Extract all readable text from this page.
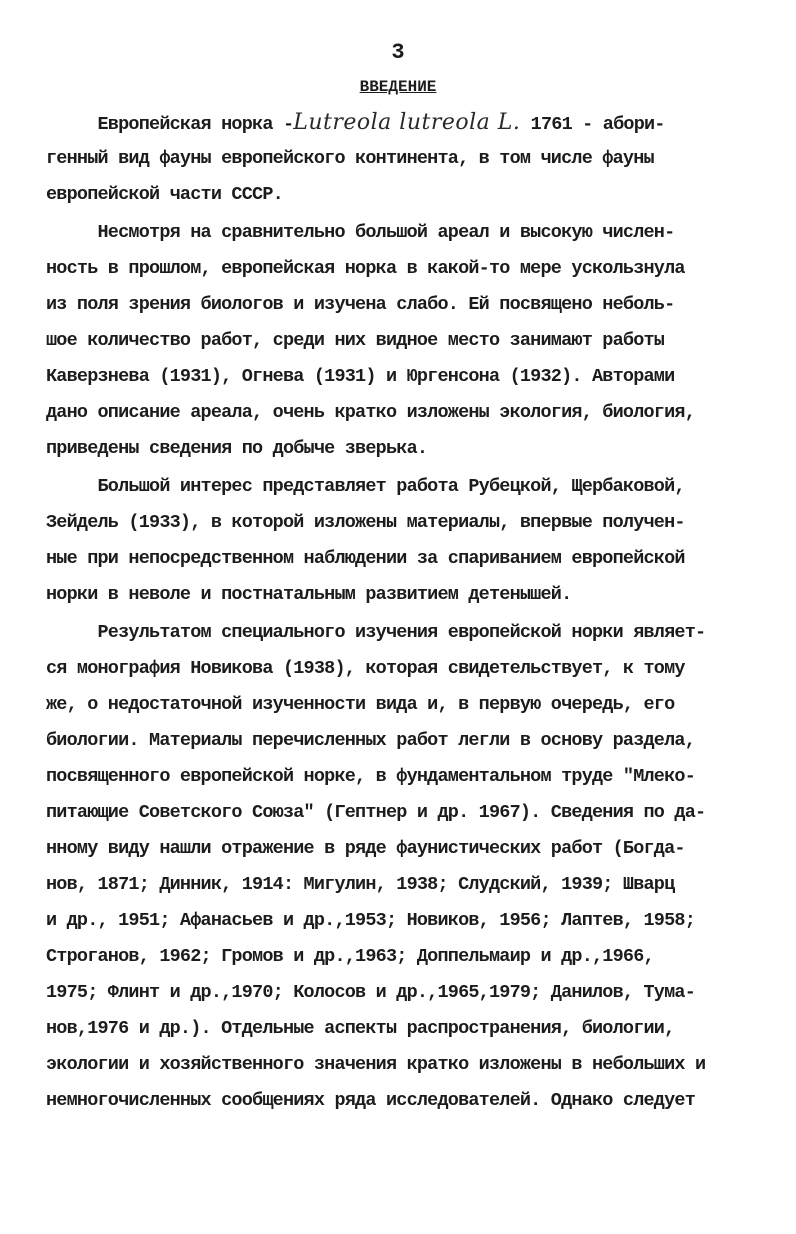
3
ВВЕДЕНИЕ
Европейская норка -Lutreola lutreola L. 1761 - абори-
генный вид фауны европейского континента, в том числе фауны
европейской части СССР.
Несмотря на сравнительно большой ареал и высокую числен-
ность в прошлом, европейская норка в какой-то мере ускользнула
из поля зрения биологов и изучена слабо. Ей посвящено неболь-
шое количество работ, среди них видное место занимают работы
Каверзнева (1931), Огнева (1931) и Юргенсона (1932). Авторами
дано описание ареала, очень кратко изложены экология, биология,
приведены сведения по добыче зверька.
Большой интерес представляет работа Рубецкой, Щербаковой,
Зейдель (1933), в которой изложены материалы, впервые получен-
ные при непосредственном наблюдении за спариванием европейской
норки в неволе и постнатальным развитием детенышей.
Результатом специального изучения европейской норки являет-
ся монография Новикова (1938), которая свидетельствует, к тому
же, о недостаточной изученности вида и, в первую очередь, его
биологии. Материалы перечисленных работ легли в основу раздела,
посвященного европейской норке, в фундаментальном труде "Млеко-
питающие Советского Союза" (Гептнер и др. 1967). Сведения по да-
нному виду нашли отражение в ряде фаунистических работ (Богда-
нов, 1871; Динник, 1914: Мигулин, 1938; Слудский, 1939; Шварц
и др., 1951; Афанасьев и др.,1953; Новиков, 1956; Лаптев, 1958;
Строганов, 1962; Громов и др.,1963; Доппельмаир и др.,1966,
1975; Флинт и др.,1970; Колосов и др.,1965,1979; Данилов, Тума-
нов,1976 и др.). Отдельные аспекты распространения, биологии,
экологии и хозяйственного значения кратко изложены в небольших и
немногочисленных сообщениях ряда исследователей. Однако следует
